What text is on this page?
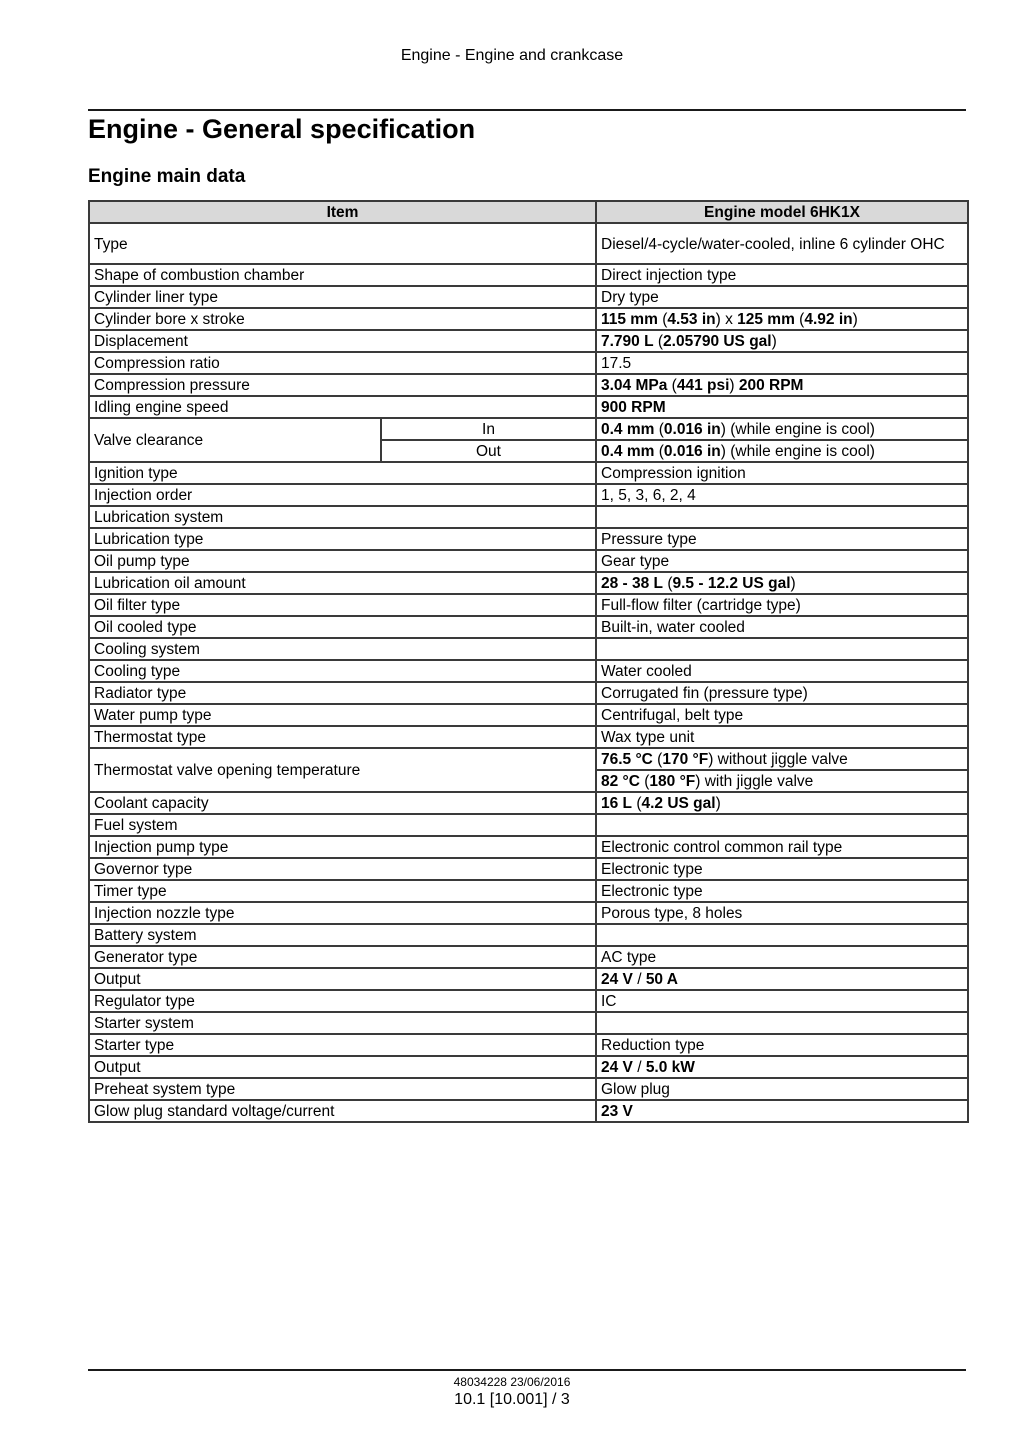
Engine - Engine and crankcase
Engine - General specification
Engine main data
Item		Engine model 6HK1X
Type		Diesel/4-cycle/water-cooled, inline 6 cylinder OHC
Shape of combustion chamber		Direct injection type
Cylinder liner type		Dry type
Cylinder bore x stroke		115 mm (4.53 in) x 125 mm (4.92 in)
Displacement		7.790 L (2.05790 US gal)
Compression ratio		17.5
Compression pressure		3.04 MPa (441 psi) 200 RPM
Idling engine speed		900 RPM
Valve clearance	In	0.4 mm (0.016 in) (while engine is cool)
	Out	0.4 mm (0.016 in) (while engine is cool)
Ignition type		Compression ignition
Injection order		1, 5, 3, 6, 2, 4
Lubrication system		
Lubrication type		Pressure type
Oil pump type		Gear type
Lubrication oil amount		28 - 38 L (9.5 - 12.2 US gal)
Oil filter type		Full-flow filter (cartridge type)
Oil cooled type		Built-in, water cooled
Cooling system		
Cooling type		Water cooled
Radiator type		Corrugated fin (pressure type)
Water pump type		Centrifugal, belt type
Thermostat type		Wax type unit
Thermostat valve opening temperature		76.5 °C (170 °F) without jiggle valve
		82 °C (180 °F) with jiggle valve
Coolant capacity		16 L (4.2 US gal)
Fuel system		
Injection pump type		Electronic control common rail type
Governor type		Electronic type
Timer type		Electronic type
Injection nozzle type		Porous type, 8 holes
Battery system		
Generator type		AC type
Output		24 V / 50 A
Regulator type		IC
Starter system		
Starter type		Reduction type
Output		24 V / 5.0 kW
Preheat system type		Glow plug
Glow plug standard voltage/current		23 V
48034228 23/06/2016
10.1 [10.001] / 3
